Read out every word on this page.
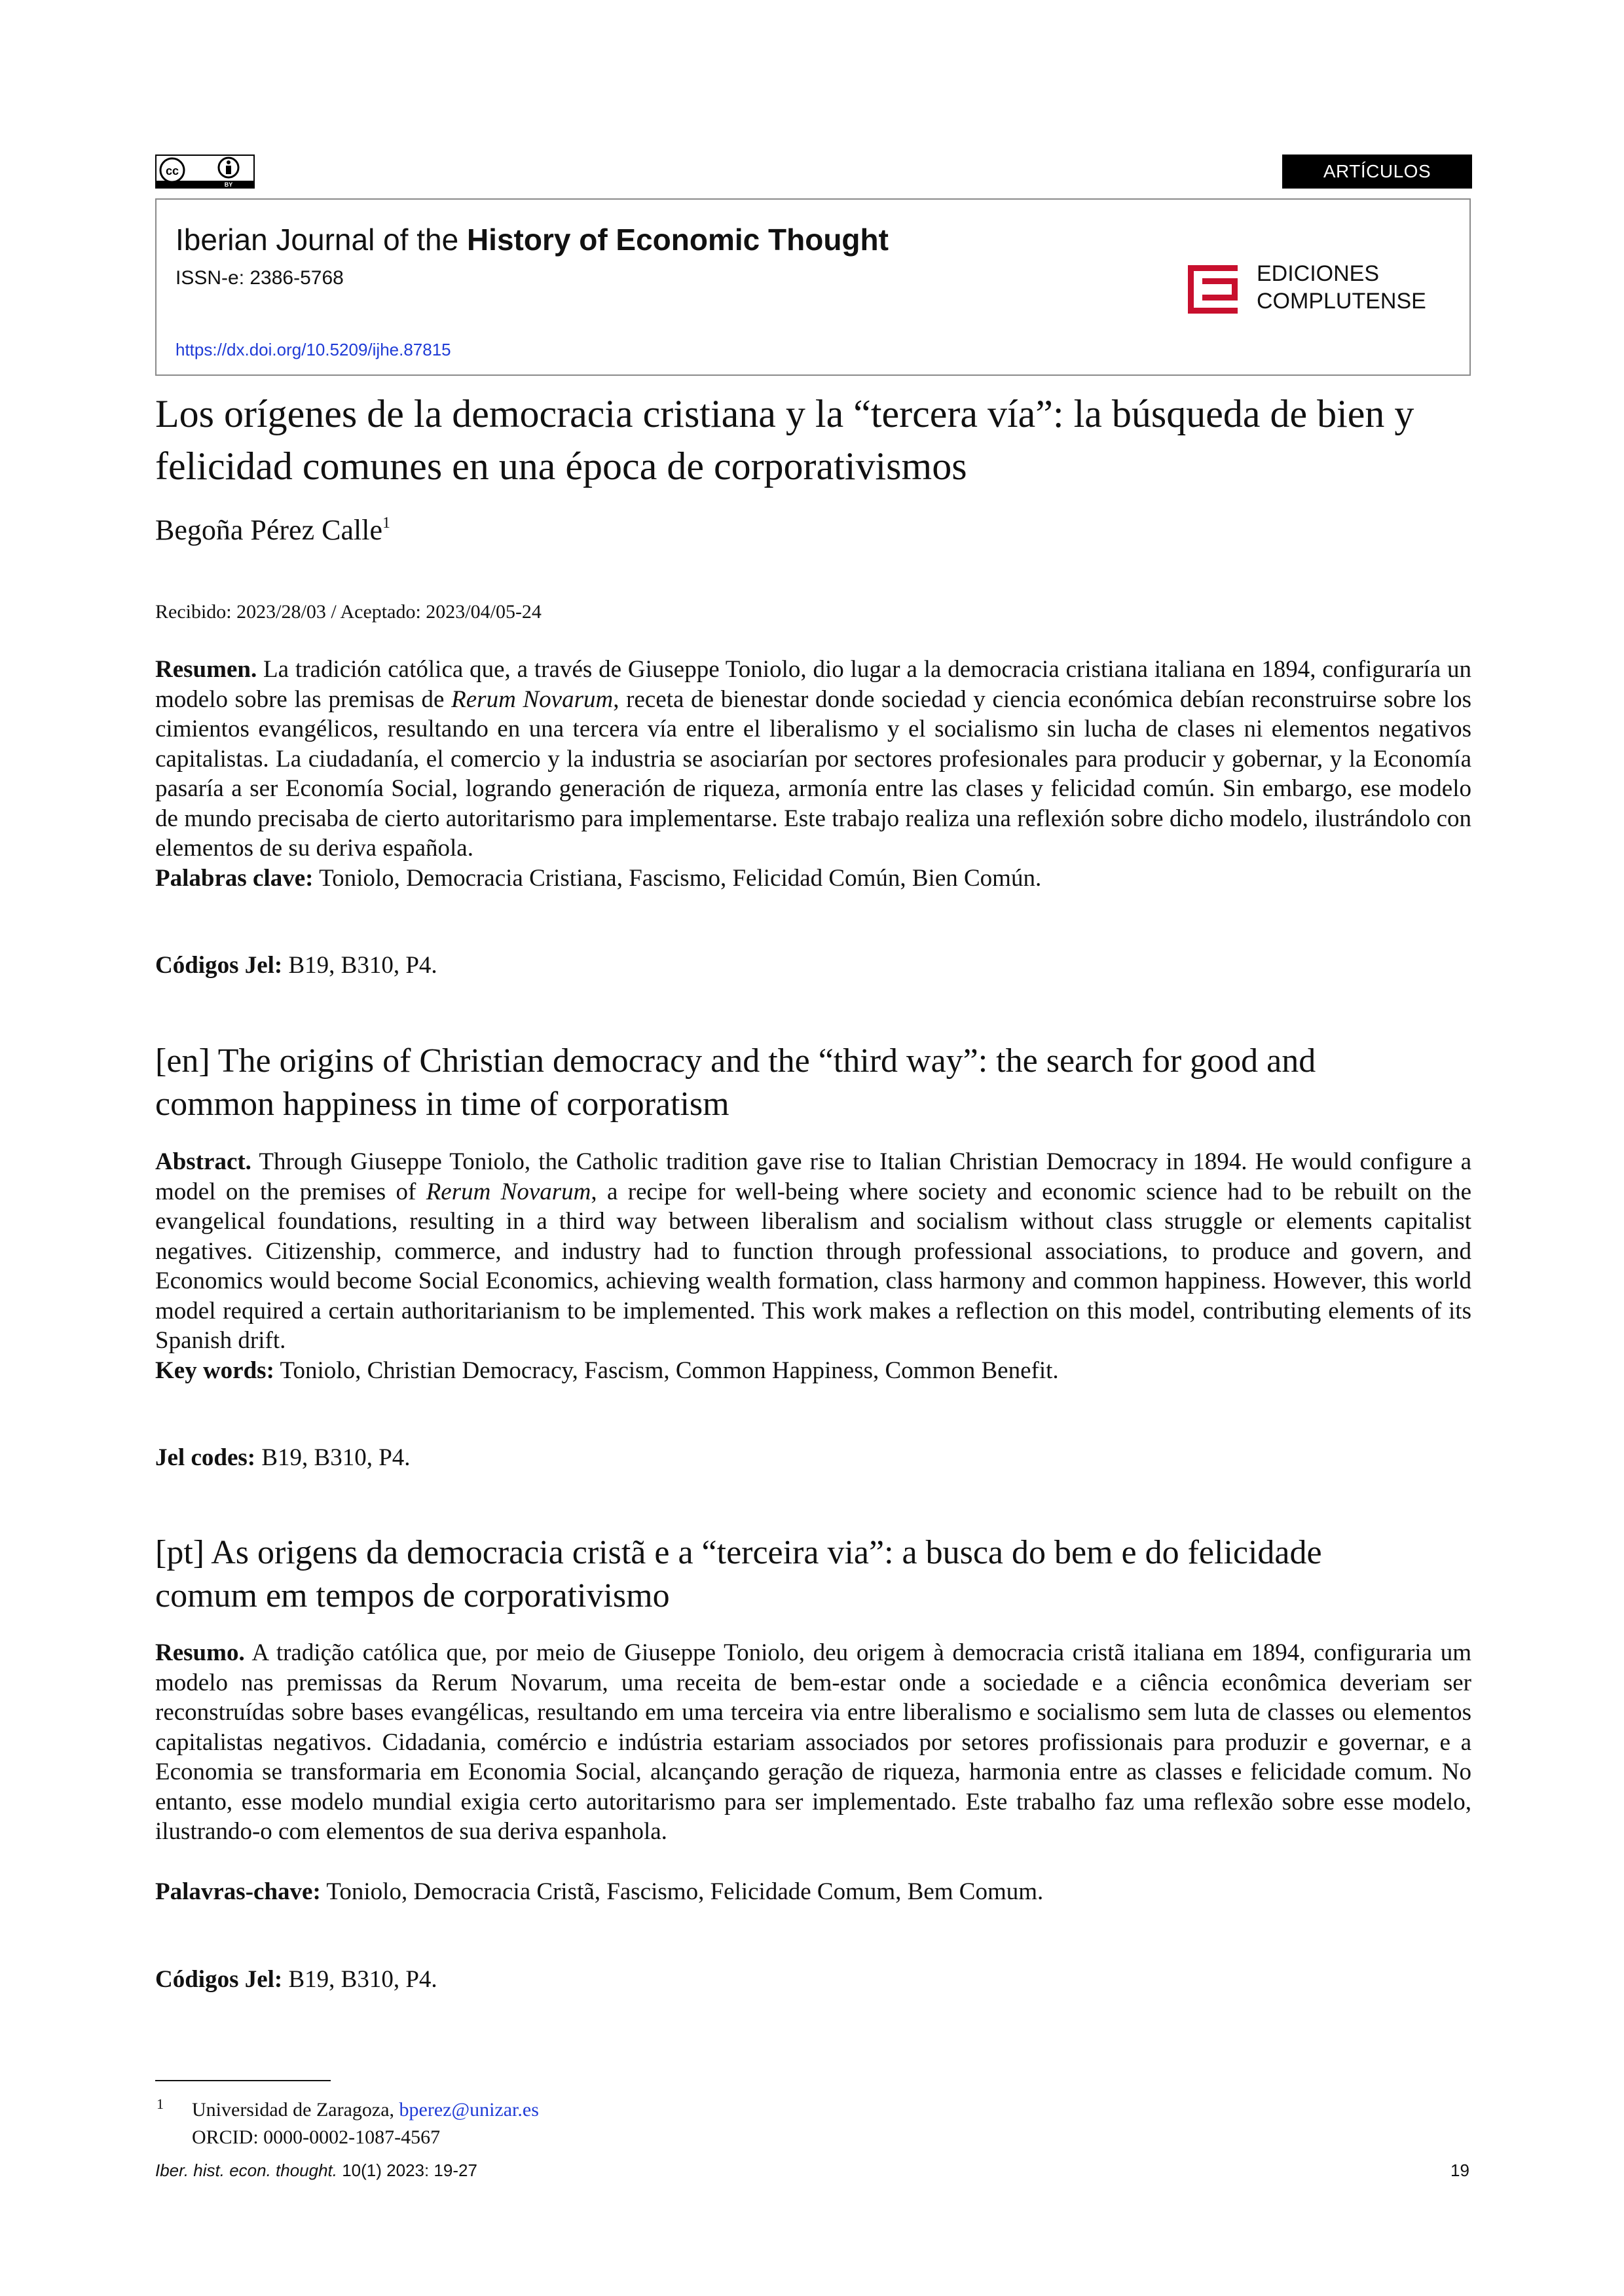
cc
BY
ARTÍCULOS
Iberian Journal of the History of Economic Thought
ISSN-e: 2386-5768
https://dx.doi.org/10.5209/ijhe.87815
EDICIONES
COMPLUTENSE
Los orígenes de la democracia cristiana y la “tercera vía”: la búsqueda de bien y felicidad comunes en una época de corporativismos
Begoña Pérez Calle$^1$
Recibido: 2023/28/03 / Aceptado: 2023/04/05-24

Resumen. La tradición católica que, a través de Giuseppe Toniolo, dio lugar a la democracia cristiana italiana en 1894, configuraría un modelo sobre las premisas de Rerum Novarum, receta de bienestar donde sociedad y ciencia económica debían reconstruirse sobre los cimientos evangélicos, resultando en una tercera vía entre el liberalismo y el socialismo sin lucha de clases ni elementos negativos capitalistas. La ciudadanía, el comercio y la industria se asociarían por sectores profesionales para producir y gobernar, y la Economía pasaría a ser Economía Social, logrando generación de riqueza, armonía entre las clases y felicidad común. Sin embargo, ese modelo de mundo precisaba de cierto autoritarismo para implementarse. Este trabajo realiza una reflexión sobre dicho modelo, ilustrándolo con elementos de su deriva española.

Palabras clave: Toniolo, Democracia Cristiana, Fascismo, Felicidad Común, Bien Común.

Códigos Jel: B19, B310, P4.

[en] The origins of Christian democracy and the “third way”: the search for good and common happiness in time of corporatism

Abstract. Through Giuseppe Toniolo, the Catholic tradition gave rise to Italian Christian Democracy in 1894. He would configure a model on the premises of Rerum Novarum, a recipe for well-being where society and economic science had to be rebuilt on the evangelical foundations, resulting in a third way between liberalism and socialism without class struggle or elements capitalist negatives. Citizenship, commerce, and industry had to function through professional associations, to produce and govern, and Economics would become Social Economics, achieving wealth formation, class harmony and common happiness. However, this world model required a certain authoritarianism to be implemented. This work makes a reflection on this model, contributing elements of its Spanish drift.

Key words: Toniolo, Christian Democracy, Fascism, Common Happiness, Common Benefit.

Jel codes: B19, B310, P4.

[pt] As origens da democracia cristã e a “terceira via”: a busca do bem e do felicidade comum em tempos de corporativismo

Resumo. A tradição católica que, por meio de Giuseppe Toniolo, deu origem à democracia cristã italiana em 1894, configuraria um modelo nas premissas da Rerum Novarum, uma receita de bem-estar onde a sociedade e a ciência econômica deveriam ser reconstruídas sobre bases evangélicas, resultando em uma terceira via entre liberalismo e socialismo sem luta de classes ou elementos capitalistas negativos. Cidadania, comércio e indústria estariam associados por setores profissionais para produzir e governar, e a Economia se transformaria em Economia Social, alcançando geração de riqueza, harmonia entre as classes e felicidade comum. No entanto, esse modelo mundial exigia certo autoritarismo para ser implementado. Este trabalho faz uma reflexão sobre esse modelo, ilustrando-o com elementos de sua deriva espanhola.

Palavras-chave: Toniolo, Democracia Cristã, Fascismo, Felicidade Comum, Bem Comum.

Códigos Jel: B19, B310, P4.

1 Universidad de Zaragoza, bperez@unizar.es
ORCID: 0000-0002-1087-4567
Iber. hist. econ. thought. 10(1) 2023: 19-27	19
